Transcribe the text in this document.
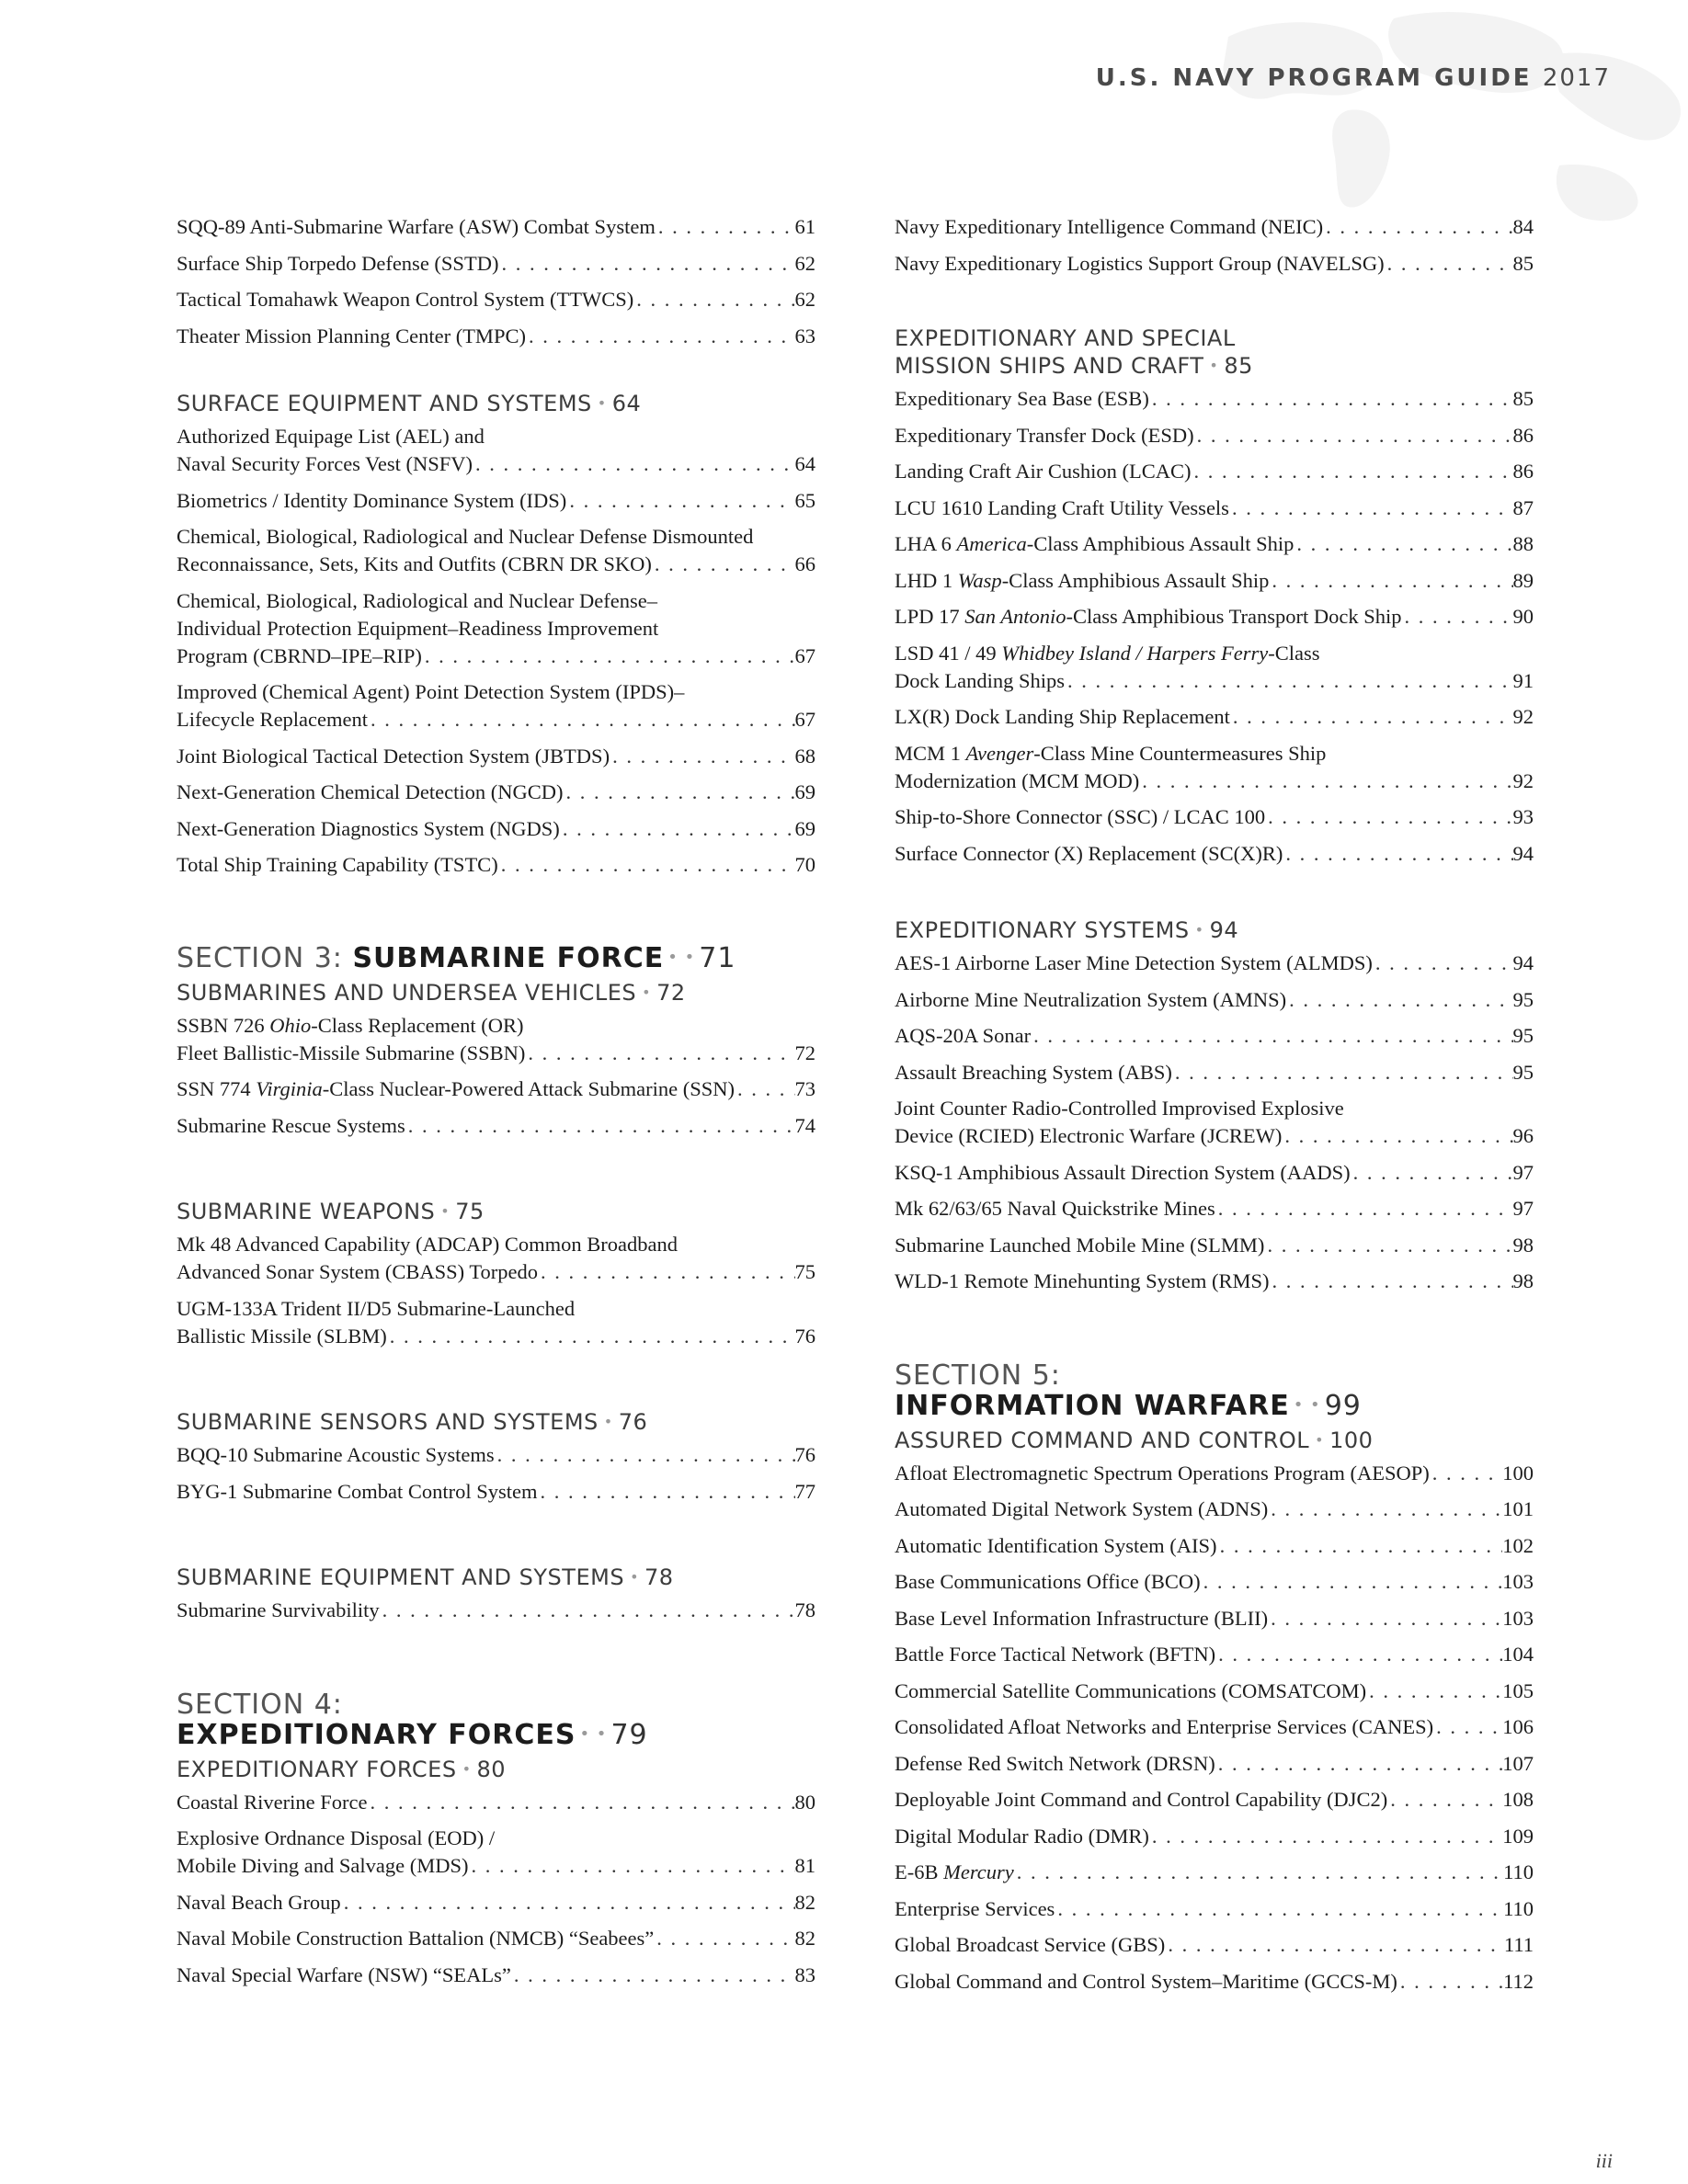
U.S. NAVY PROGRAM GUIDE 2017
SQQ-89 Anti-Submarine Warfare (ASW) Combat System . . .	61
Surface Ship Torpedo Defense (SSTD) . . .	62
Tactical Tomahawk Weapon Control System (TTWCS) . . .	62
Theater Mission Planning Center (TMPC) . . .	63
SURFACE EQUIPMENT AND SYSTEMS • 64
Authorized Equipage List (AEL) and
Naval Security Forces Vest (NSFV) . . .	64
Biometrics / Identity Dominance System (IDS) . . .	65
Chemical, Biological, Radiological and Nuclear Defense Dismounted
Reconnaissance, Sets, Kits and Outfits (CBRN DR SKO) . . .	66
Chemical, Biological, Radiological and Nuclear Defense–
Individual Protection Equipment–Readiness Improvement
Program (CBRND–IPE–RIP) . . .	67
Improved (Chemical Agent) Point Detection System (IPDS)–
Lifecycle Replacement . . .	67
Joint Biological Tactical Detection System (JBTDS) . . .	68
Next-Generation Chemical Detection (NGCD) . . .	69
Next-Generation Diagnostics System (NGDS) . . .	69
Total Ship Training Capability (TSTC) . . .	70
SECTION 3: SUBMARINE FORCE • • 71
SUBMARINES AND UNDERSEA VEHICLES • 72
SSBN 726 Ohio-Class Replacement (OR)
Fleet Ballistic-Missile Submarine (SSBN) . . .	72
SSN 774 Virginia-Class Nuclear-Powered Attack Submarine (SSN) . . .	73
Submarine Rescue Systems . . .	74
SUBMARINE WEAPONS • 75
Mk 48 Advanced Capability (ADCAP) Common Broadband
Advanced Sonar System (CBASS) Torpedo . . .	75
UGM-133A Trident II/D5 Submarine-Launched
Ballistic Missile (SLBM) . . .	76
SUBMARINE SENSORS AND SYSTEMS • 76
BQQ-10 Submarine Acoustic Systems . . .	76
BYG-1 Submarine Combat Control System . . .	77
SUBMARINE EQUIPMENT AND SYSTEMS • 78
Submarine Survivability . . .	78
SECTION 4:
EXPEDITIONARY FORCES • • 79
EXPEDITIONARY FORCES • 80
Coastal Riverine Force . . .	80
Explosive Ordnance Disposal (EOD) /
Mobile Diving and Salvage (MDS) . . .	81
Naval Beach Group . . .	82
Naval Mobile Construction Battalion (NMCB) “Seabees” . . .	82
Naval Special Warfare (NSW) “SEALs” . . .	83
Navy Expeditionary Intelligence Command (NEIC) . . .	84
Navy Expeditionary Logistics Support Group (NAVELSG) . . .	85
EXPEDITIONARY AND SPECIAL
MISSION SHIPS AND CRAFT • 85
Expeditionary Sea Base (ESB) . . .	85
Expeditionary Transfer Dock (ESD) . . .	86
Landing Craft Air Cushion (LCAC) . . .	86
LCU 1610 Landing Craft Utility Vessels . . .	87
LHA 6 America-Class Amphibious Assault Ship . . .	88
LHD 1 Wasp-Class Amphibious Assault Ship . . .	89
LPD 17 San Antonio-Class Amphibious Transport Dock Ship . . .	90
LSD 41 / 49 Whidbey Island / Harpers Ferry-Class
Dock Landing Ships . . .	91
LX(R) Dock Landing Ship Replacement . . .	92
MCM 1 Avenger-Class Mine Countermeasures Ship
Modernization (MCM MOD) . . .	92
Ship-to-Shore Connector (SSC) / LCAC 100 . . .	93
Surface Connector (X) Replacement (SC(X)R) . . .	94
EXPEDITIONARY SYSTEMS • 94
AES-1 Airborne Laser Mine Detection System (ALMDS) . . .	94
Airborne Mine Neutralization System (AMNS) . . .	95
AQS-20A Sonar . . .	95
Assault Breaching System (ABS) . . .	95
Joint Counter Radio-Controlled Improvised Explosive
Device (RCIED) Electronic Warfare (JCREW) . . .	96
KSQ-1 Amphibious Assault Direction System (AADS) . . .	97
Mk 62/63/65 Naval Quickstrike Mines . . .	97
Submarine Launched Mobile Mine (SLMM) . . .	98
WLD-1 Remote Minehunting System (RMS) . . .	98
SECTION 5:
INFORMATION WARFARE • • 99
ASSURED COMMAND AND CONTROL • 100
Afloat Electromagnetic Spectrum Operations Program (AESOP) . . .	100
Automated Digital Network System (ADNS) . . .	101
Automatic Identification System (AIS) . . .	102
Base Communications Office (BCO) . . .	103
Base Level Information Infrastructure (BLII) . . .	103
Battle Force Tactical Network (BFTN) . . .	104
Commercial Satellite Communications (COMSATCOM) . . .	105
Consolidated Afloat Networks and Enterprise Services (CANES) . . .	106
Defense Red Switch Network (DRSN) . . .	107
Deployable Joint Command and Control Capability (DJC2) . . .	108
Digital Modular Radio (DMR) . . .	109
E-6B Mercury . . .	110
Enterprise Services . . .	110
Global Broadcast Service (GBS) . . .	111
Global Command and Control System–Maritime (GCCS-M) . . .	112
iii
